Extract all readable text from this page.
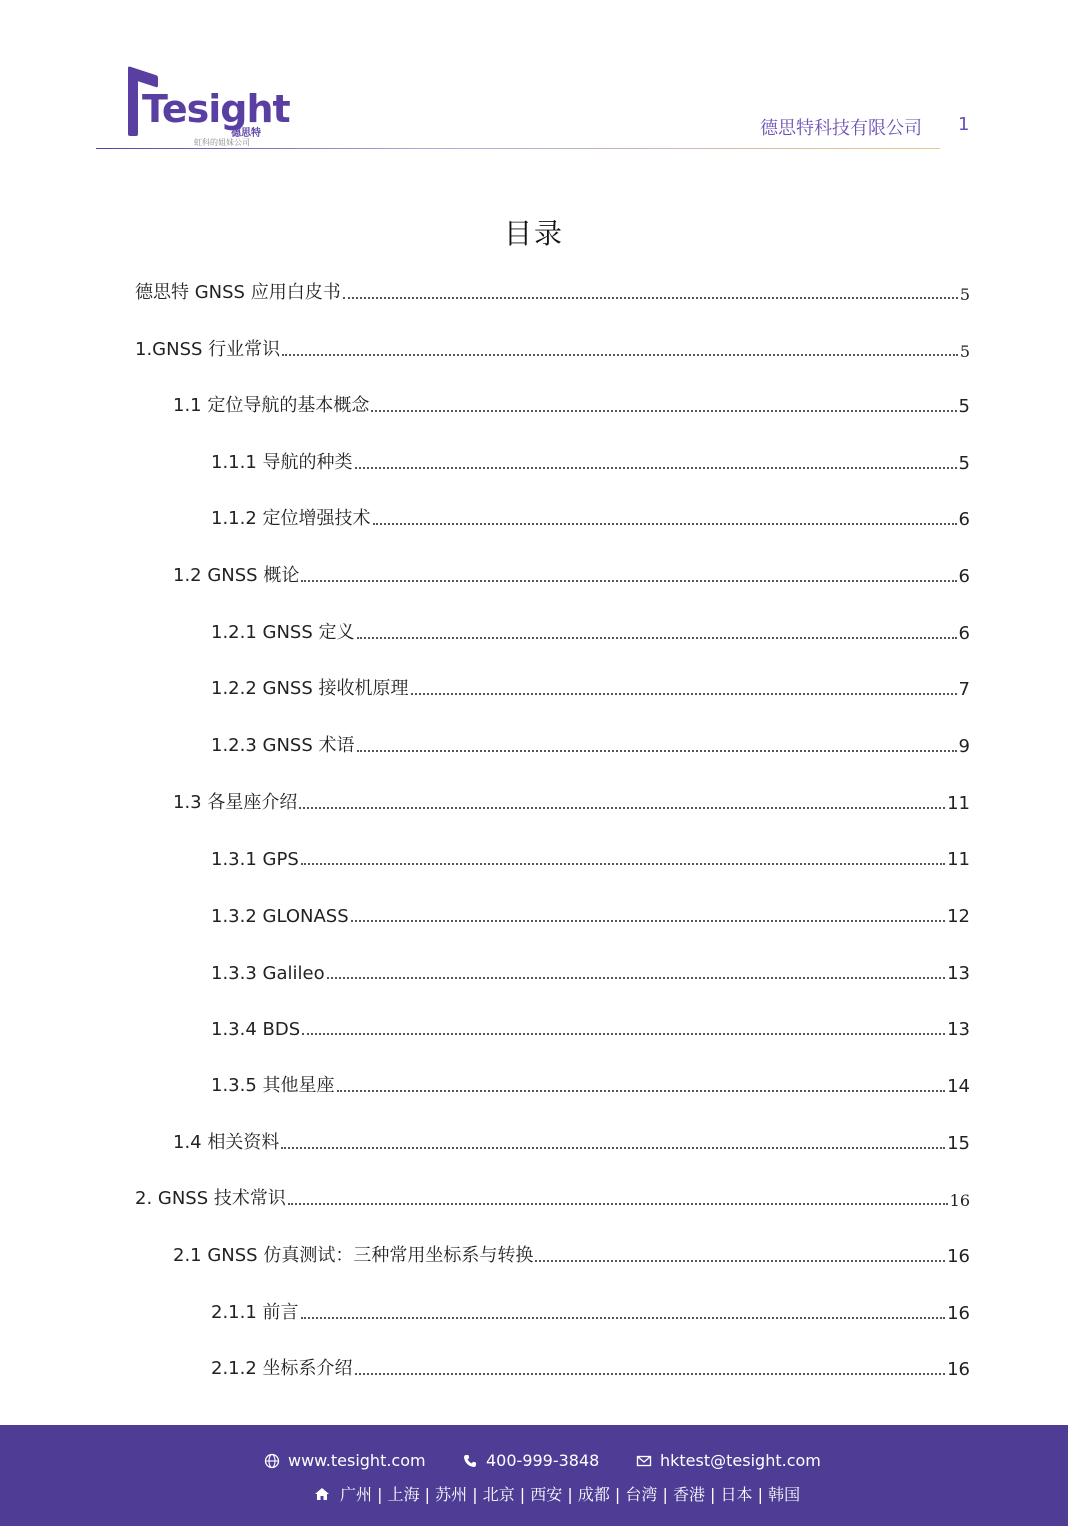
Tesight
德思特
虹科的姐妹公司
德思特科技有限公司 1
目录
德思特 GNSS 应用白皮书	5
1.GNSS 行业常识	5
1.1 定位导航的基本概念	5
1.1.1 导航的种类	5
1.1.2 定位增强技术	6
1.2 GNSS 概论	6
1.2.1 GNSS 定义	6
1.2.2 GNSS 接收机原理	7
1.2.3 GNSS 术语	9
1.3 各星座介绍	11
1.3.1 GPS	11
1.3.2 GLONASS	12
1.3.3 Galileo	13
1.3.4 BDS	13
1.3.5 其他星座	14
1.4 相关资料	15
2. GNSS 技术常识	16
2.1 GNSS 仿真测试：三种常用坐标系与转换	16
2.1.1 前言	16
2.1.2 坐标系介绍	16
www.tesight.com	400-999-3848	hktest@tesight.com
广州 | 上海 | 苏州 | 北京 | 西安 | 成都 | 台湾 | 香港 | 日本 | 韩国
